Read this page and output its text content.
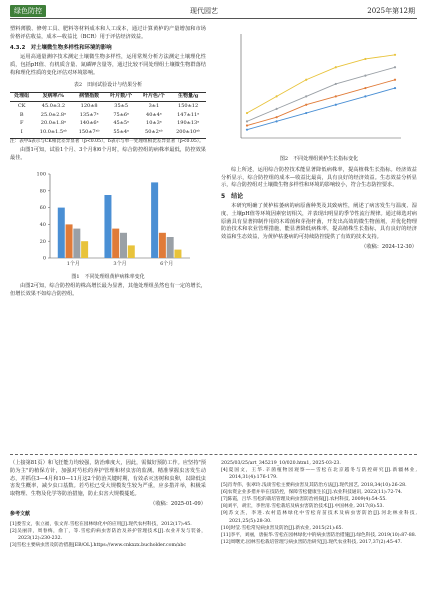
绿色防控	现代园艺	2025年第12期

塑料薄膜、修剪工具、肥料等材料成本和人工成本，通过计算黄栌的产量增加和市场价格评估收益，成本—收益比（BCR）用于评估经济效益。

4.3.2　对土壤微生物多样性和环境的影响

运用高通量测序技术测定土壤微生物多样性，运用常规分析方法测定土壤理化性质，包括pH值、有机质含量、氮磷钾含量等，通过比较不同处理组土壤微生物群落结构和理化性质的变化评估对环境影响。

表2　田间试验设计与结果分析
处理组	发病率/%	病情指数	叶片数/个	叶片色/个	生物量/g
CK	45.0±3.2	120±8	35±5	3±1	150±12
B	25.0±2.8ᵃ	135±7ᵃ	75±6ᵃ	40±4ᵃ	147±11ᵃ
F	20.0±1.8ᵃ	140±6ᵃ	45±5ᵃ	10±3ᵃ	190±13ᵃ
I	10.0±1.5ᵃᵇ	150±7ᵃᵇ	55±4ᵃ	50±2ᵃᵇ	200±10ᵃᵇ
注：表中a表示与CK相比差异显著（p<0.05），b表示与单一处理组相比差异显著（p<0.05）。

由图1可知，试验1个月、3个月和6个月时，综合防控组的病株率最低，防控效果最佳。

100
80
60
40
20
0
1个月	3个月	6个月
图1　不同处理组黄栌病株率变化

由图2可知，综合防控组的株高增长最为显著，其他处理组虽然也有一定的增长，但增长效果不如综合防控组。

图2　不同处理组黄栌生长指标变化

综上所述，运用综合防控技术能显著降低病株率，提高植株生长指标。经济效益分析显示，综合防控组的成本—收益比最高，具有良好的经济效益。生态效益分析显示，综合防控组对土壤微生物多样性和环境的影响较小，符合生态防控要求。

5　结论

本研究明确了黄栌枯萎病的病原菌种类及其致病性，阐述了病害发生与温度、湿度、土壤pH值等环境因素密切相关，并表现出明显的季节性流行规律。通过筛选对病原菌具有显著抑制作用的木霉菌和芽孢杆菌，开发出高效的微生物菌剂，并优化物理防治技术和农业管理措施，能显著降低病株率，提高植株生长指标，具有良好的经济效益和生态效益，为黄栌枯萎病的可持续防控提供了有效的技术支持。

（收稿：2024-12-30）

（上接第81页）和飞狂能力均较强，防治难度大，因此，需做好预防工作。应坚持"预防为主"的植保方针，加强对芍松的养护管理和材虫害的监测。精准掌握虫害发生动态，并抓住3—4月和10—11月这2个防治关键时期，有效杀灭害树和虫卵，以降低虫害发生概率，减少虫口基数。若芍松已受大规模发生较为严重，应多措并举，积极采取物理、生物及化学等防治措施，防止虫害大规模蔓延。

（收稿：2025-01-09）
参考文献
[1]娄雪文，张立福，张文青.雪松在园林绿化中的应用[J].现代农村科技，2012(17):45.
[2]吴丽萍，周春梅，俞丁，等.雪松的病虫害防治及养护管理技术[J].农业开发与装备，2023(12):230-232.
[3]雪松主要病虫害及防治措施[EB/OL].https://www.cnkxzx.bucholder.com/abc
2025/03/25/art_345219_10/020.htm1, 2025-03-23.
[4]夏国文，王华.辛菌植物园观察——雪松在北京越冬与防控研究[J].新疆林业, 2014,31(4):176-179.
[5]肖寿伟，张翠玲.浅谈雪松主要病虫害及其防治方法[J].现代园艺, 2018,34(10):26-28.
[6]农资企业多措并举在技防控，保障雪松健康生长[J].农业科技通讯, 2022(11):72-74.
[7]陈霞，吕华.雪松的栽培管理及病虫害防治初探[J].农村科技, 2009(4):54-55.
[8]刘平，胡宏，李世清.雪松栽培及病虫害防治技术[J].中国林业, 2017(8):53.
[9]苏文杰，李进.农村造林绿化中雪松育苗技术及病虫害防治[J].河北林业科技, 2021,25(5):28-30.
[10]时莹.雪松常见病虫害及防治[J].新农业, 2015(21):65.
[11]李平，刘丽，唐振华.雪松在园林绿化中的病虫害防治措施[J].绿色科技, 2019(10):87-88.
[12]周曙光.园林雪松栽培管理与病虫害防治研究[J].现代农业科技, 2017,37(2):45-47.
